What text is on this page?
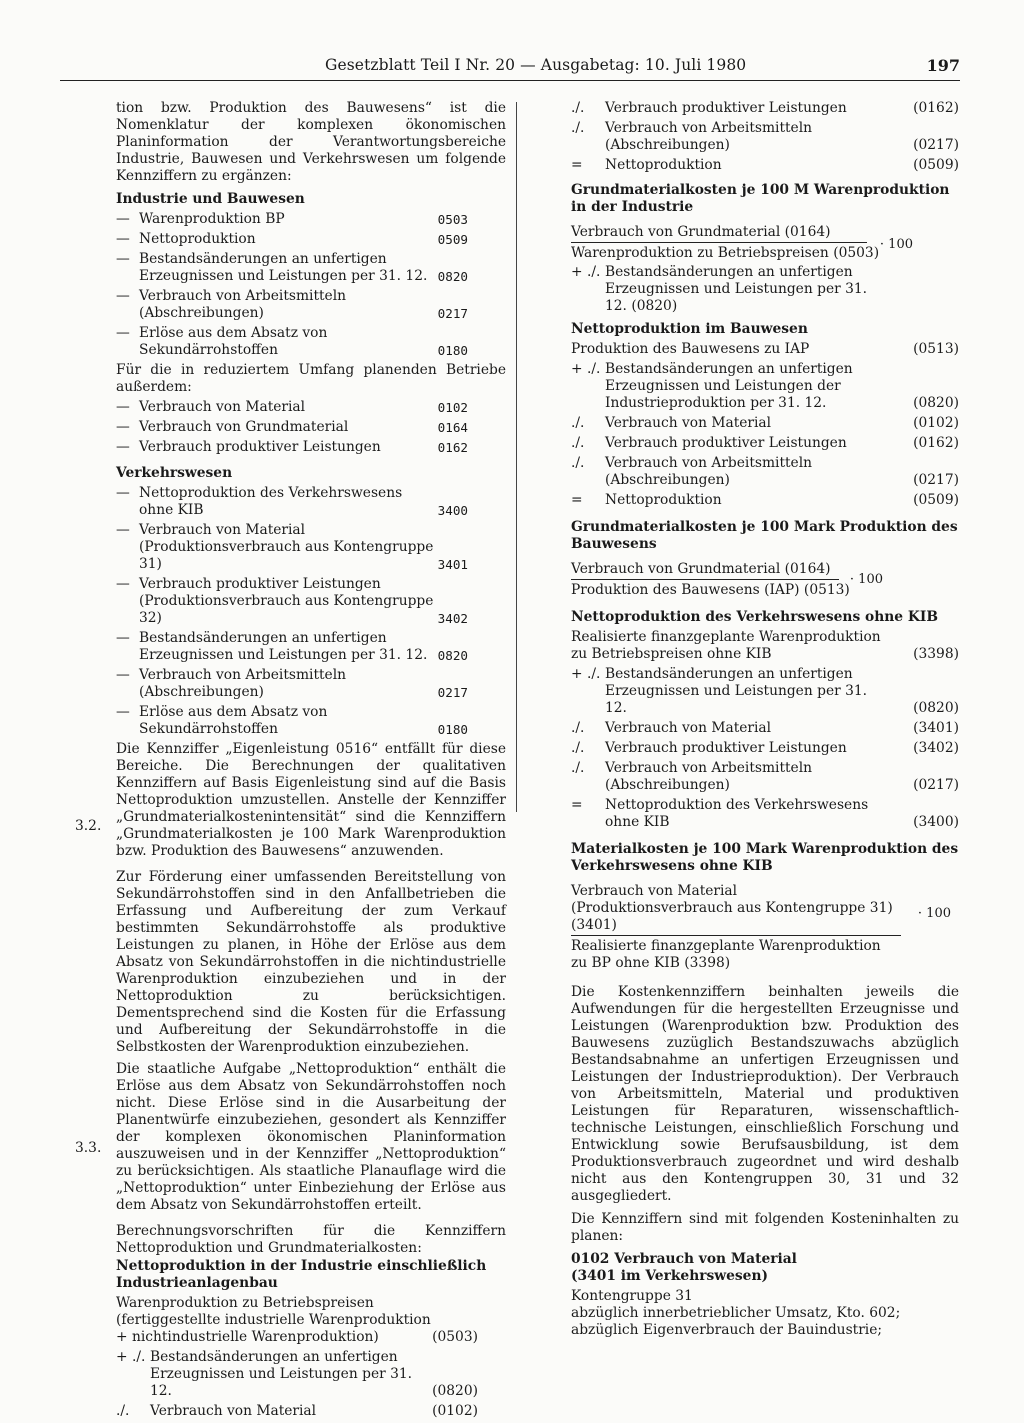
Gesetzblatt Teil I Nr. 20 — Ausgabetag: 10. Juli 1980	197
3.2.
3.3.

tion bzw. Produktion des Bauwesens“ ist die Nomenklatur der komplexen ökonomischen Planinformation der Verantwortungsbereiche Industrie, Bauwesen und Verkehrswesen um folgende Kennziffern zu ergänzen:

Industrie und Bauwesen
— Warenproduktion BP	0503
— Nettoproduktion	0509
— Bestandsänderungen an unfertigen Erzeugnissen und Leistungen per 31. 12. 0820
— Verbrauch von Arbeitsmitteln (Abschreibungen)	0217
— Erlöse aus dem Absatz von Sekundärrohstoffen	0180

Für die in reduziertem Umfang planenden Betriebe außerdem:

— Verbrauch von Material	0102
— Verbrauch von Grundmaterial	0164
— Verbrauch produktiver Leistungen	0162
Verkehrswesen
— Nettoproduktion des Verkehrswesens ohne KIB	3400
— Verbrauch von Material (Produktionsverbrauch aus Kontengruppe 31)	3401
— Verbrauch produktiver Leistungen (Produktionsverbrauch aus Kontengruppe 32)	3402
— Bestandsänderungen an unfertigen Erzeugnissen und Leistungen per 31. 12. 0820
— Verbrauch von Arbeitsmitteln (Abschreibungen)	0217
— Erlöse aus dem Absatz von Sekundärrohstoffen	0180

Die Kennziffer „Eigenleistung 0516“ entfällt für diese Bereiche. Die Berechnungen der qualitativen Kennziffern auf Basis Eigenleistung sind auf die Basis Nettoproduktion umzustellen. Anstelle der Kennziffer „Grundmaterialkostenintensität“ sind die Kennziffern „Grundmaterialkosten je 100 Mark Warenproduktion bzw. Produktion des Bauwesens“ anzuwenden.

Zur Förderung einer umfassenden Bereitstellung von Sekundärrohstoffen sind in den Anfallbetrieben die Erfassung und Aufbereitung der zum Verkauf bestimmten Sekundärrohstoffe als produktive Leistungen zu planen, in Höhe der Erlöse aus dem Absatz von Sekundärrohstoffen in die nichtindustrielle Warenproduktion einzubeziehen und in der Nettoproduktion zu berücksichtigen. Dementsprechend sind die Kosten für die Erfassung und Aufbereitung der Sekundärrohstoffe in die Selbstkosten der Warenproduktion einzubeziehen.

Die staatliche Aufgabe „Nettoproduktion“ enthält die Erlöse aus dem Absatz von Sekundärrohstoffen noch nicht. Diese Erlöse sind in die Ausarbeitung der Planentwürfe einzubeziehen, gesondert als Kennziffer der komplexen ökonomischen Planinformation auszuweisen und in der Kennziffer „Nettoproduktion“ zu berücksichtigen. Als staatliche Planauflage wird die „Nettoproduktion“ unter Einbeziehung der Erlöse aus dem Absatz von Sekundärrohstoffen erteilt.

Berechnungsvorschriften für die Kennziffern Nettoproduktion und Grundmaterialkosten:

Nettoproduktion in der Industrie einschließlich Industrieanlagenbau
Warenproduktion zu Betriebspreisen (fertiggestellte industrielle Warenproduktion + nichtindustrielle Warenproduktion)	(0503)
+ ./. Bestandsänderungen an unfertigen Erzeugnissen und Leistungen per 31. 12.	(0820)
./. Verbrauch von Material	(0102)
./. Verbrauch produktiver Leistungen	(0162)
./. Verbrauch von Arbeitsmitteln (Abschreibungen)	(0217)
= Nettoproduktion	(0509)
Grundmaterialkosten je 100 M Warenproduktion in der Industrie
Verbrauch von Grundmaterial (0164)
· 100
Warenproduktion zu Betriebspreisen (0503)
+ ./. Bestandsänderungen an unfertigen Erzeugnissen und Leistungen per 31. 12. (0820)
Nettoproduktion im Bauwesen
Produktion des Bauwesens zu IAP	(0513)
+ ./. Bestandsänderungen an unfertigen Erzeugnissen und Leistungen der Industrieproduktion per 31. 12.	(0820)
./. Verbrauch von Material	(0102)
./. Verbrauch produktiver Leistungen	(0162)
./. Verbrauch von Arbeitsmitteln (Abschreibungen)	(0217)
= Nettoproduktion	(0509)
Grundmaterialkosten je 100 Mark Produktion des Bauwesens
Verbrauch von Grundmaterial (0164)
· 100
Produktion des Bauwesens (IAP) (0513)
Nettoproduktion des Verkehrswesens ohne KIB
Realisierte finanzgeplante Warenproduktion zu Betriebspreisen ohne KIB	(3398)
+ ./. Bestandsänderungen an unfertigen Erzeugnissen und Leistungen per 31. 12.	(0820)
./. Verbrauch von Material	(3401)
./. Verbrauch produktiver Leistungen	(3402)
./. Verbrauch von Arbeitsmitteln (Abschreibungen)	(0217)
= Nettoproduktion des Verkehrswesens ohne KIB	(3400)
Materialkosten je 100 Mark Warenproduktion des Verkehrswesens ohne KIB
Verbrauch von Material (Produktionsverbrauch aus Kontengruppe 31) (3401)
· 100
Realisierte finanzgeplante Warenproduktion zu BP ohne KIB (3398)

Die Kostenkennziffern beinhalten jeweils die Aufwendungen für die hergestellten Erzeugnisse und Leistungen (Warenproduktion bzw. Produktion des Bauwesens zuzüglich Bestandszuwachs abzüglich Bestandsabnahme an unfertigen Erzeugnissen und Leistungen der Industrieproduktion). Der Verbrauch von Arbeitsmitteln, Material und produktiven Leistungen für Reparaturen, wissenschaftlich-technische Leistungen, einschließlich Forschung und Entwicklung sowie Berufsausbildung, ist dem Produktionsverbrauch zugeordnet und wird deshalb nicht aus den Kontengruppen 30, 31 und 32 ausgegliedert.

Die Kennziffern sind mit folgenden Kosteninhalten zu planen:

0102 Verbrauch von Material
(3401 im Verkehrswesen)
Kontengruppe 31
abzüglich innerbetrieblicher Umsatz, Kto. 602;
abzüglich Eigenverbrauch der Bauindustrie;
